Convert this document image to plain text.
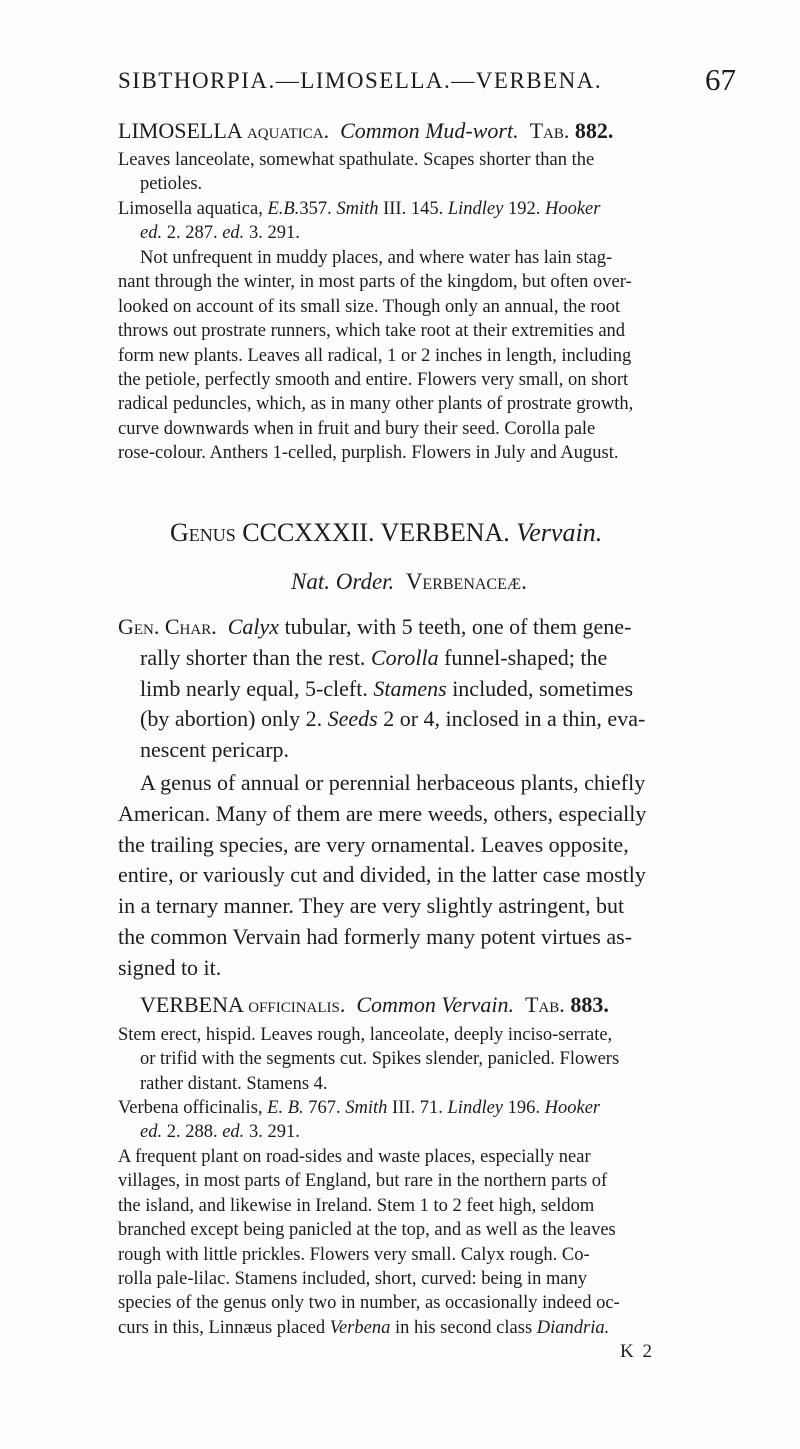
SIBTHORPIA.—LIMOSELLA.—VERBENA.	67
LIMOSELLA aquatica. Common Mud-wort. Tab. 882.
Leaves lanceolate, somewhat spathulate. Scapes shorter than the
petioles.
Limosella aquatica, E.B.357. Smith III. 145. Lindley 192. Hooker
ed. 2. 287. ed. 3. 291.
Not unfrequent in muddy places, and where water has lain stag-
nant through the winter, in most parts of the kingdom, but often over-
looked on account of its small size. Though only an annual, the root
throws out prostrate runners, which take root at their extremities and
form new plants. Leaves all radical, 1 or 2 inches in length, including
the petiole, perfectly smooth and entire. Flowers very small, on short
radical peduncles, which, as in many other plants of prostrate growth,
curve downwards when in fruit and bury their seed. Corolla pale
rose-colour. Anthers 1-celled, purplish. Flowers in July and August.
Genus CCCXXXII. VERBENA. Vervain.
Nat. Order. Verbenaceæ.
Gen. Char. Calyx tubular, with 5 teeth, one of them gene-
rally shorter than the rest. Corolla funnel-shaped; the
limb nearly equal, 5-cleft. Stamens included, sometimes
(by abortion) only 2. Seeds 2 or 4, inclosed in a thin, eva-
nescent pericarp.
A genus of annual or perennial herbaceous plants, chiefly
American. Many of them are mere weeds, others, especially
the trailing species, are very ornamental. Leaves opposite,
entire, or variously cut and divided, in the latter case mostly
in a ternary manner. They are very slightly astringent, but
the common Vervain had formerly many potent virtues as-
signed to it.
VERBENA officinalis. Common Vervain. Tab. 883.
Stem erect, hispid. Leaves rough, lanceolate, deeply inciso-serrate,
or trifid with the segments cut. Spikes slender, panicled. Flowers
rather distant. Stamens 4.
Verbena officinalis, E. B. 767. Smith III. 71. Lindley 196. Hooker
ed. 2. 288. ed. 3. 291.
A frequent plant on road-sides and waste places, especially near
villages, in most parts of England, but rare in the northern parts of
the island, and likewise in Ireland. Stem 1 to 2 feet high, seldom
branched except being panicled at the top, and as well as the leaves
rough with little prickles. Flowers very small. Calyx rough. Co-
rolla pale-lilac. Stamens included, short, curved: being in many
species of the genus only two in number, as occasionally indeed oc-
curs in this, Linnæus placed Verbena in his second class Diandria.
K 2
